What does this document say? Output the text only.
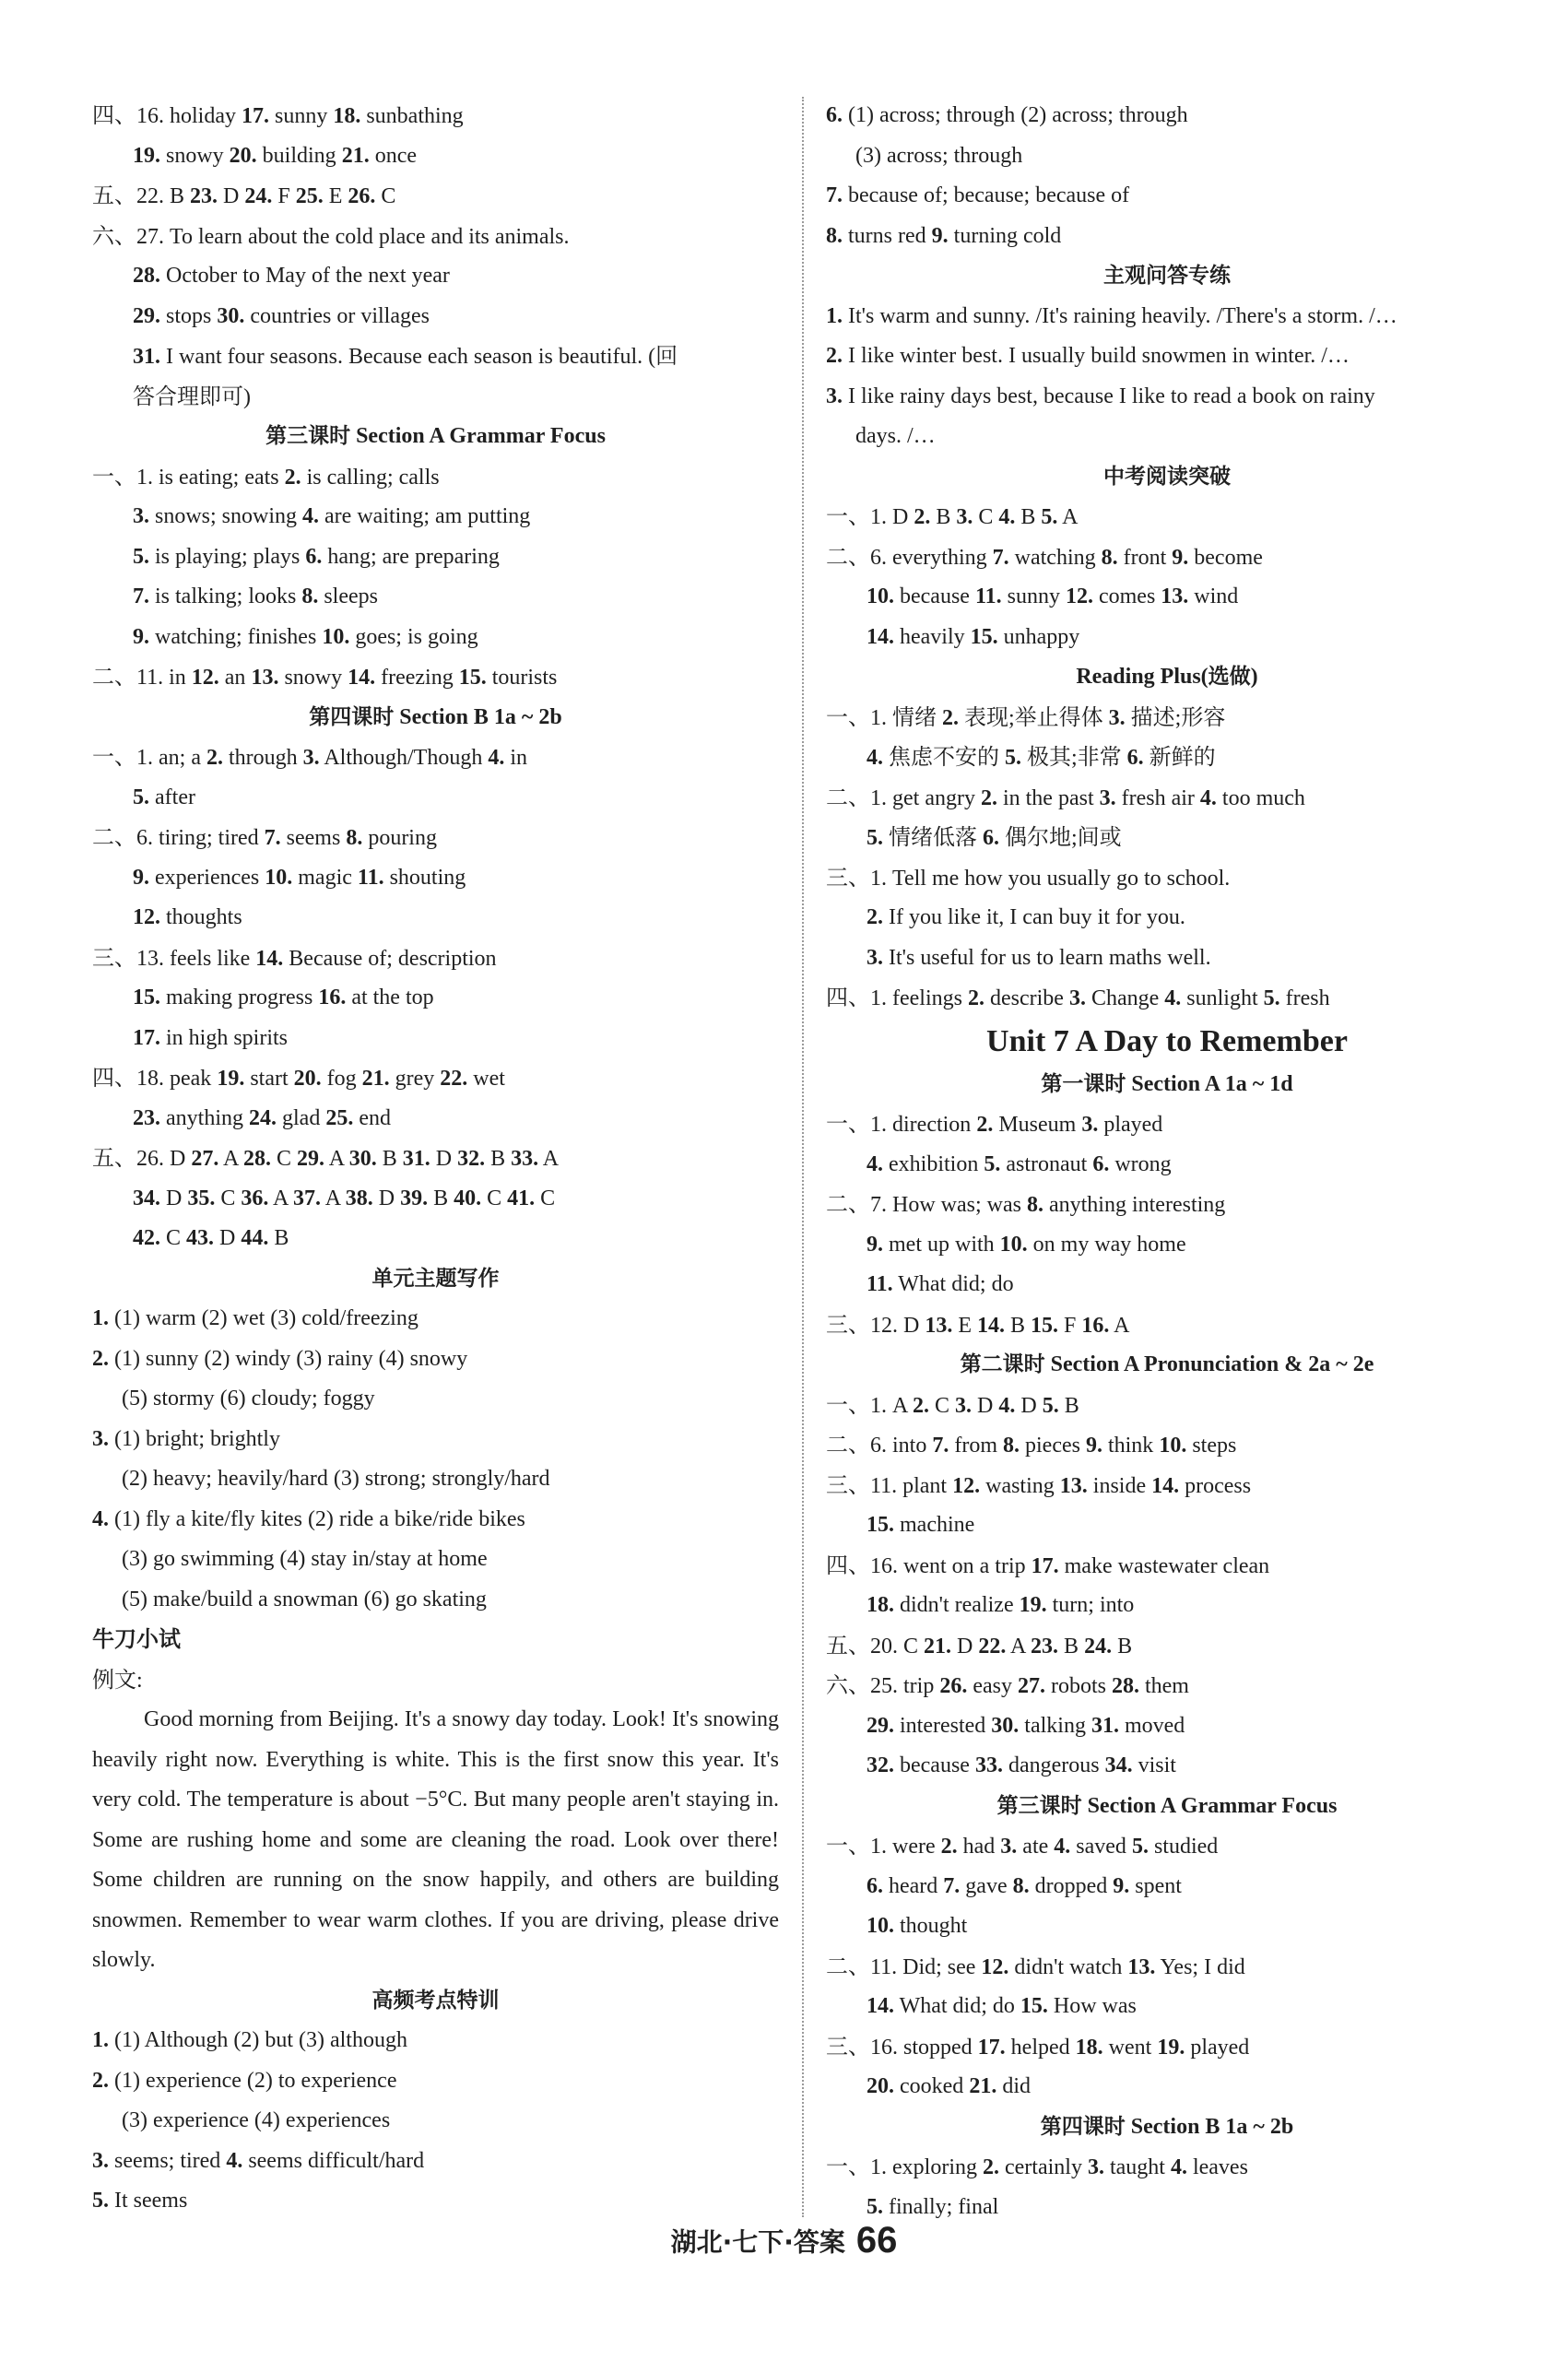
四、16. holiday 17. sunny 18. sunbathing
19. snowy 20. building 21. once
五、22. B 23. D 24. F 25. E 26. C
六、27. To learn about the cold place and its animals.
28. October to May of the next year
29. stops 30. countries or villages
31. I want four seasons. Because each season is beautiful. (回
答合理即可)
第三课时 Section A Grammar Focus
一、1. is eating; eats 2. is calling; calls
3. snows; snowing 4. are waiting; am putting
5. is playing; plays 6. hang; are preparing
7. is talking; looks 8. sleeps
9. watching; finishes 10. goes; is going
二、11. in 12. an 13. snowy 14. freezing 15. tourists
第四课时 Section B 1a ~ 2b
一、1. an; a 2. through 3. Although/Though 4. in
5. after
二、6. tiring; tired 7. seems 8. pouring
9. experiences 10. magic 11. shouting
12. thoughts
三、13. feels like 14. Because of; description
15. making progress 16. at the top
17. in high spirits
四、18. peak 19. start 20. fog 21. grey 22. wet
23. anything 24. glad 25. end
五、26. D 27. A 28. C 29. A 30. B 31. D 32. B 33. A
34. D 35. C 36. A 37. A 38. D 39. B 40. C 41. C
42. C 43. D 44. B
单元主题写作
1. (1) warm (2) wet (3) cold/freezing
2. (1) sunny (2) windy (3) rainy (4) snowy
(5) stormy (6) cloudy; foggy
3. (1) bright; brightly
(2) heavy; heavily/hard (3) strong; strongly/hard
4. (1) fly a kite/fly kites (2) ride a bike/ride bikes
(3) go swimming (4) stay in/stay at home
(5) make/build a snowman (6) go skating
牛刀小试
例文:
Good morning from Beijing. It's a snowy day today. Look! It's snowing heavily right now. Everything is white. This is the first snow this year. It's very cold. The temperature is about −5°C. But many people aren't staying in. Some are rushing home and some are cleaning the road. Look over there! Some children are running on the snow happily, and others are building snowmen. Remember to wear warm clothes. If you are driving, please drive slowly.
高频考点特训
1. (1) Although (2) but (3) although
2. (1) experience (2) to experience
(3) experience (4) experiences
3. seems; tired 4. seems difficult/hard
5. It seems
6. (1) across; through (2) across; through
(3) across; through
7. because of; because; because of
8. turns red 9. turning cold
主观问答专练
1. It's warm and sunny. /It's raining heavily. /There's a storm. /…
2. I like winter best. I usually build snowmen in winter. /…
3. I like rainy days best, because I like to read a book on rainy
days. /…
中考阅读突破
一、1. D 2. B 3. C 4. B 5. A
二、6. everything 7. watching 8. front 9. become
10. because 11. sunny 12. comes 13. wind
14. heavily 15. unhappy
Reading Plus(选做)
一、1. 情绪 2. 表现;举止得体 3. 描述;形容
4. 焦虑不安的 5. 极其;非常 6. 新鲜的
二、1. get angry 2. in the past 3. fresh air 4. too much
5. 情绪低落 6. 偶尔地;间或
三、1. Tell me how you usually go to school.
2. If you like it, I can buy it for you.
3. It's useful for us to learn maths well.
四、1. feelings 2. describe 3. Change 4. sunlight 5. fresh
Unit 7 A Day to Remember
第一课时 Section A 1a ~ 1d
一、1. direction 2. Museum 3. played
4. exhibition 5. astronaut 6. wrong
二、7. How was; was 8. anything interesting
9. met up with 10. on my way home
11. What did; do
三、12. D 13. E 14. B 15. F 16. A
第二课时 Section A Pronunciation & 2a ~ 2e
一、1. A 2. C 3. D 4. D 5. B
二、6. into 7. from 8. pieces 9. think 10. steps
三、11. plant 12. wasting 13. inside 14. process
15. machine
四、16. went on a trip 17. make wastewater clean
18. didn't realize 19. turn; into
五、20. C 21. D 22. A 23. B 24. B
六、25. trip 26. easy 27. robots 28. them
29. interested 30. talking 31. moved
32. because 33. dangerous 34. visit
第三课时 Section A Grammar Focus
一、1. were 2. had 3. ate 4. saved 5. studied
6. heard 7. gave 8. dropped 9. spent
10. thought
二、11. Did; see 12. didn't watch 13. Yes; I did
14. What did; do 15. How was
三、16. stopped 17. helped 18. went 19. played
20. cooked 21. did
第四课时 Section B 1a ~ 2b
一、1. exploring 2. certainly 3. taught 4. leaves
5. finally; final
湖北·七下·答案 66
